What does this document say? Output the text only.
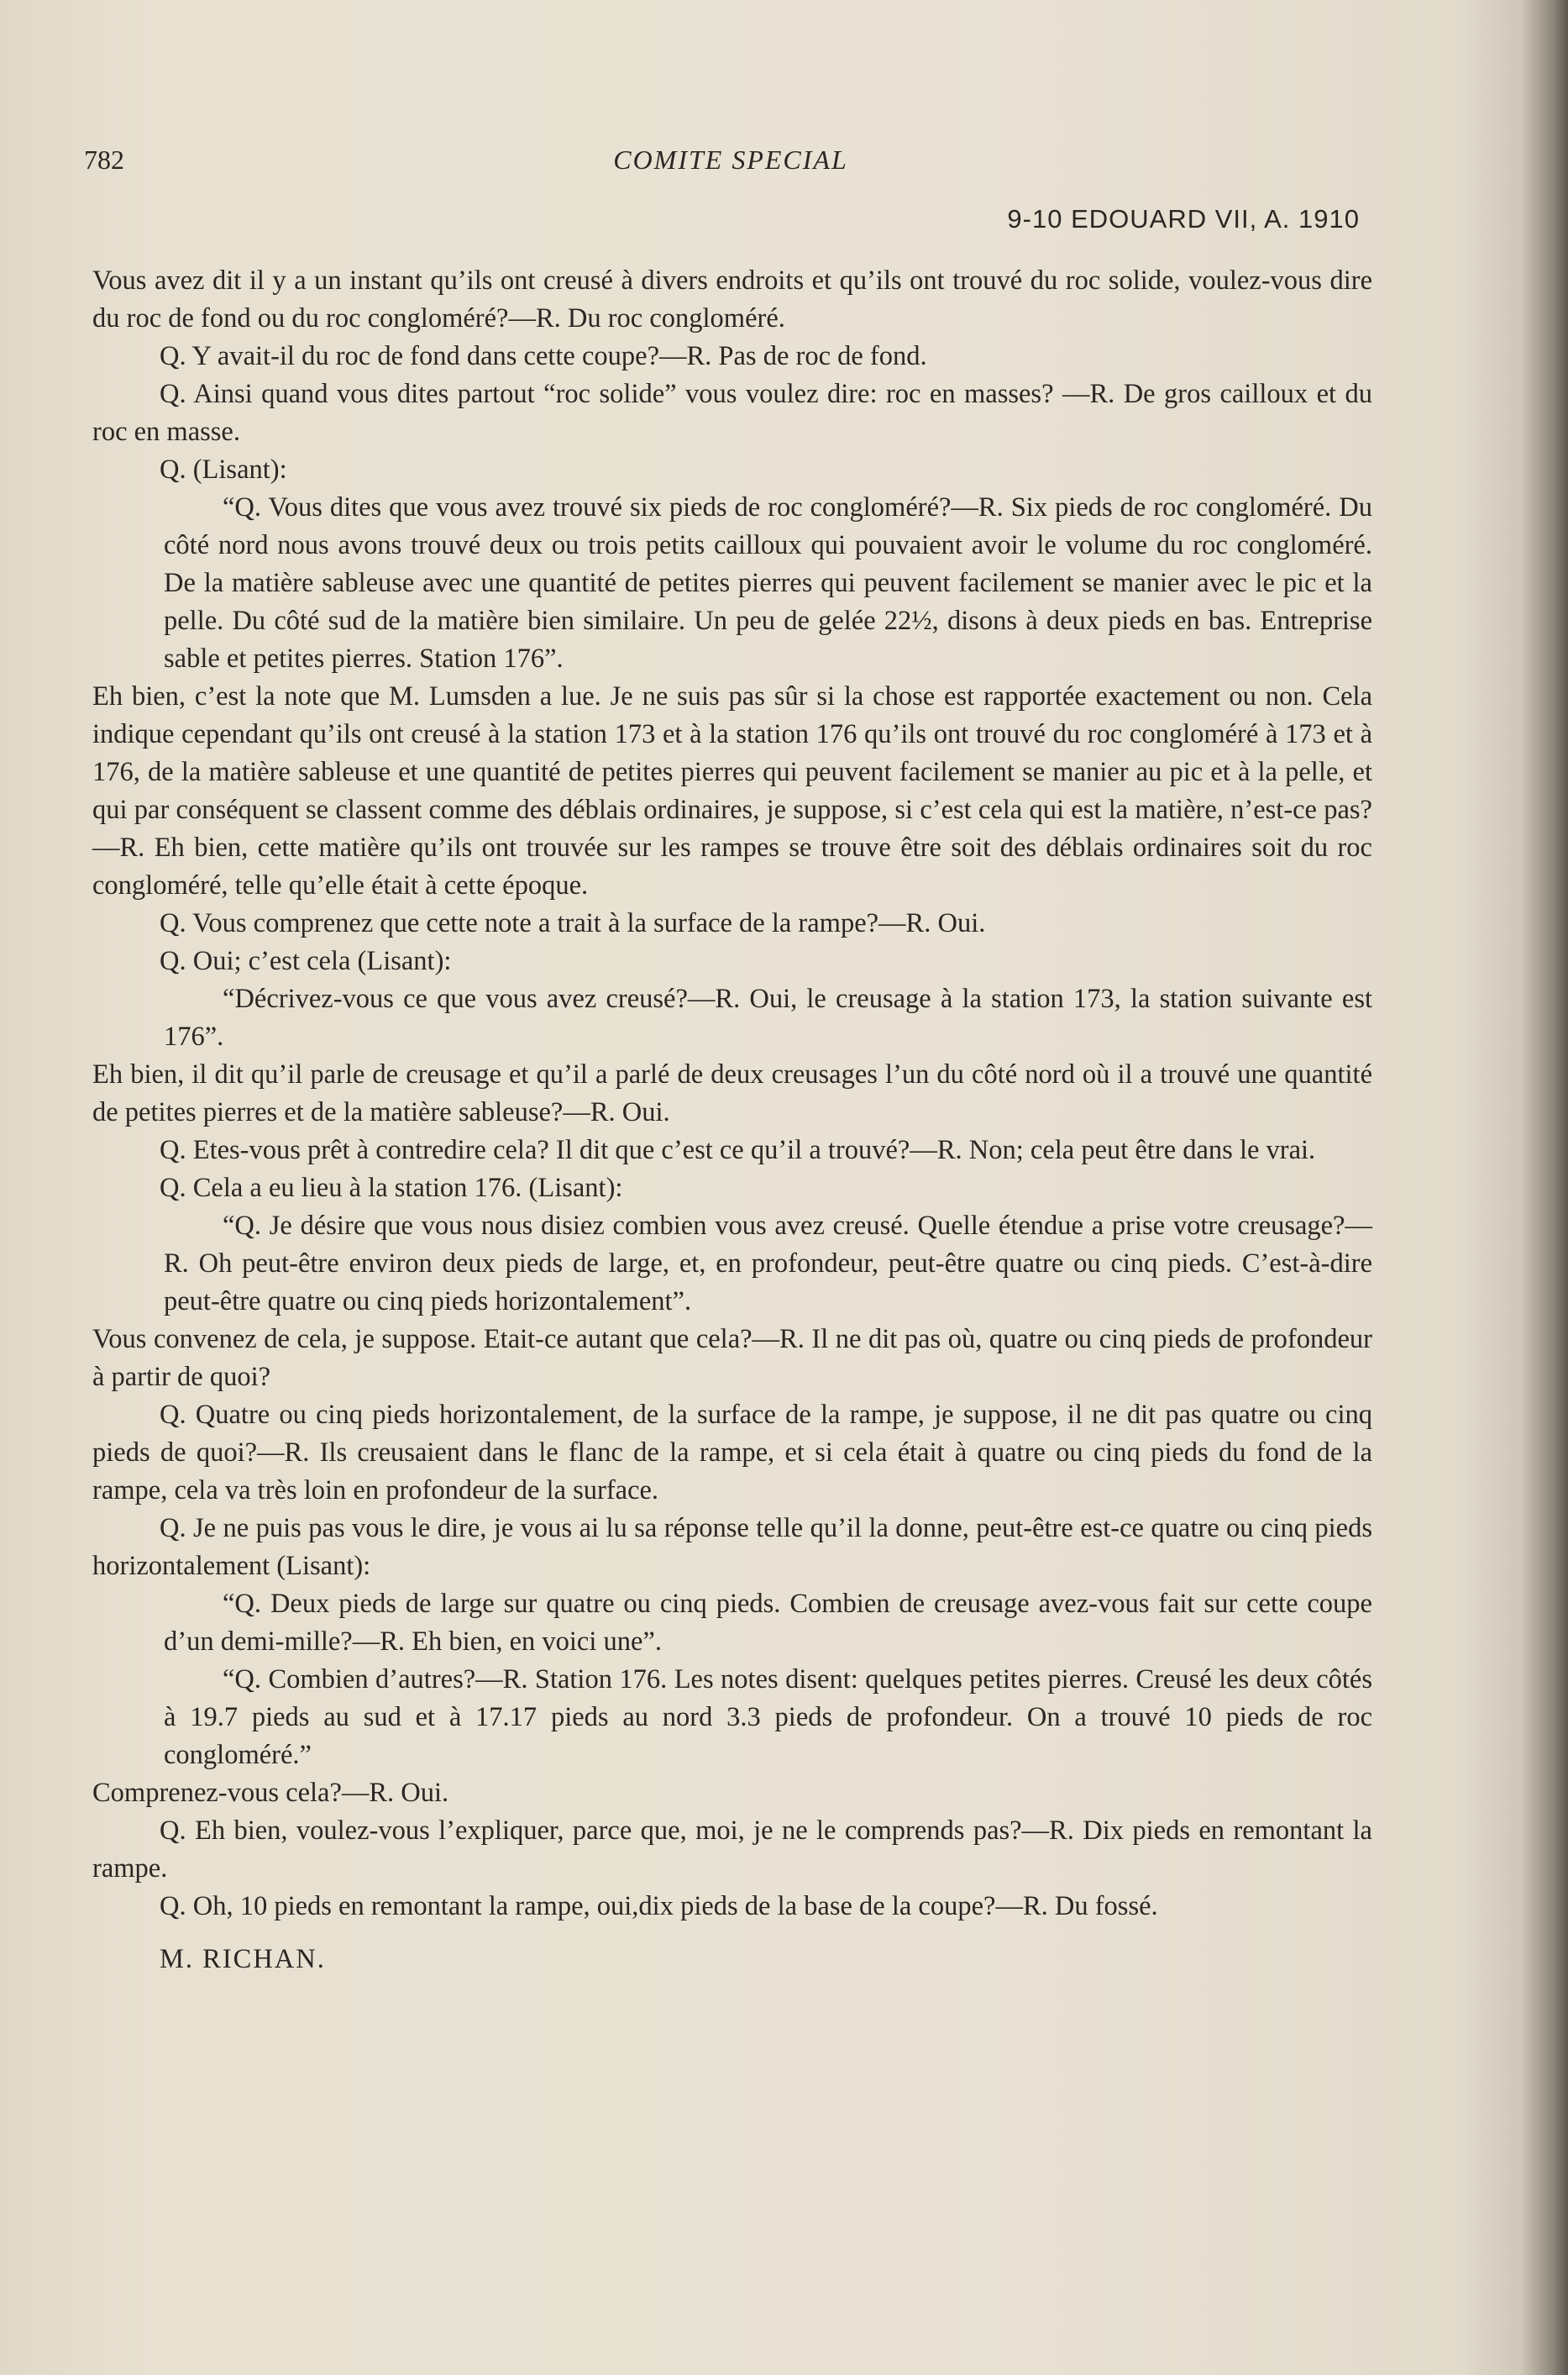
782	COMITE SPECIAL
9-10 EDOUARD VII, A. 1910

Vous avez dit il y a un instant qu’ils ont creusé à divers endroits et qu’ils ont trouvé du roc solide, voulez-vous dire du roc de fond ou du roc congloméré?—R. Du roc congloméré.

Q. Y avait-il du roc de fond dans cette coupe?—R. Pas de roc de fond.

Q. Ainsi quand vous dites partout “roc solide” vous voulez dire: roc en masses? —R. De gros cailloux et du roc en masse.

Q. (Lisant):

“Q. Vous dites que vous avez trouvé six pieds de roc congloméré?—R. Six pieds de roc congloméré. Du côté nord nous avons trouvé deux ou trois petits cailloux qui pouvaient avoir le volume du roc congloméré. De la matière sableuse avec une quantité de petites pierres qui peuvent facilement se manier avec le pic et la pelle. Du côté sud de la matière bien similaire. Un peu de gelée 22½, disons à deux pieds en bas. Entreprise sable et petites pierres. Station 176”.

Eh bien, c’est la note que M. Lumsden a lue. Je ne suis pas sûr si la chose est rapportée exactement ou non. Cela indique cependant qu’ils ont creusé à la station 173 et à la station 176 qu’ils ont trouvé du roc congloméré à 173 et à 176, de la matière sableuse et une quantité de petites pierres qui peuvent facilement se manier au pic et à la pelle, et qui par conséquent se classent comme des déblais ordinaires, je suppose, si c’est cela qui est la matière, n’est-ce pas?—R. Eh bien, cette matière qu’ils ont trouvée sur les rampes se trouve être soit des déblais ordinaires soit du roc congloméré, telle qu’elle était à cette époque.

Q. Vous comprenez que cette note a trait à la surface de la rampe?—R. Oui.

Q. Oui; c’est cela (Lisant):

“Décrivez-vous ce que vous avez creusé?—R. Oui, le creusage à la station 173, la station suivante est 176”.

Eh bien, il dit qu’il parle de creusage et qu’il a parlé de deux creusages l’un du côté nord où il a trouvé une quantité de petites pierres et de la matière sableuse?—R. Oui.

Q. Etes-vous prêt à contredire cela? Il dit que c’est ce qu’il a trouvé?—R. Non; cela peut être dans le vrai.

Q. Cela a eu lieu à la station 176. (Lisant):

“Q. Je désire que vous nous disiez combien vous avez creusé. Quelle étendue a prise votre creusage?—R. Oh peut-être environ deux pieds de large, et, en profondeur, peut-être quatre ou cinq pieds. C’est-à-dire peut-être quatre ou cinq pieds horizontalement”.

Vous convenez de cela, je suppose. Etait-ce autant que cela?—R. Il ne dit pas où, quatre ou cinq pieds de profondeur à partir de quoi?

Q. Quatre ou cinq pieds horizontalement, de la surface de la rampe, je suppose, il ne dit pas quatre ou cinq pieds de quoi?—R. Ils creusaient dans le flanc de la rampe, et si cela était à quatre ou cinq pieds du fond de la rampe, cela va très loin en profondeur de la surface.

Q. Je ne puis pas vous le dire, je vous ai lu sa réponse telle qu’il la donne, peut-être est-ce quatre ou cinq pieds horizontalement (Lisant):

“Q. Deux pieds de large sur quatre ou cinq pieds. Combien de creusage avez-vous fait sur cette coupe d’un demi-mille?—R. Eh bien, en voici une”.

“Q. Combien d’autres?—R. Station 176. Les notes disent: quelques petites pierres. Creusé les deux côtés à 19.7 pieds au sud et à 17.17 pieds au nord 3.3 pieds de profondeur. On a trouvé 10 pieds de roc congloméré.”

Comprenez-vous cela?—R. Oui.

Q. Eh bien, voulez-vous l’expliquer, parce que, moi, je ne le comprends pas?—R. Dix pieds en remontant la rampe.

Q. Oh, 10 pieds en remontant la rampe, oui,dix pieds de la base de la coupe?—R. Du fossé.

M. RICHAN.
